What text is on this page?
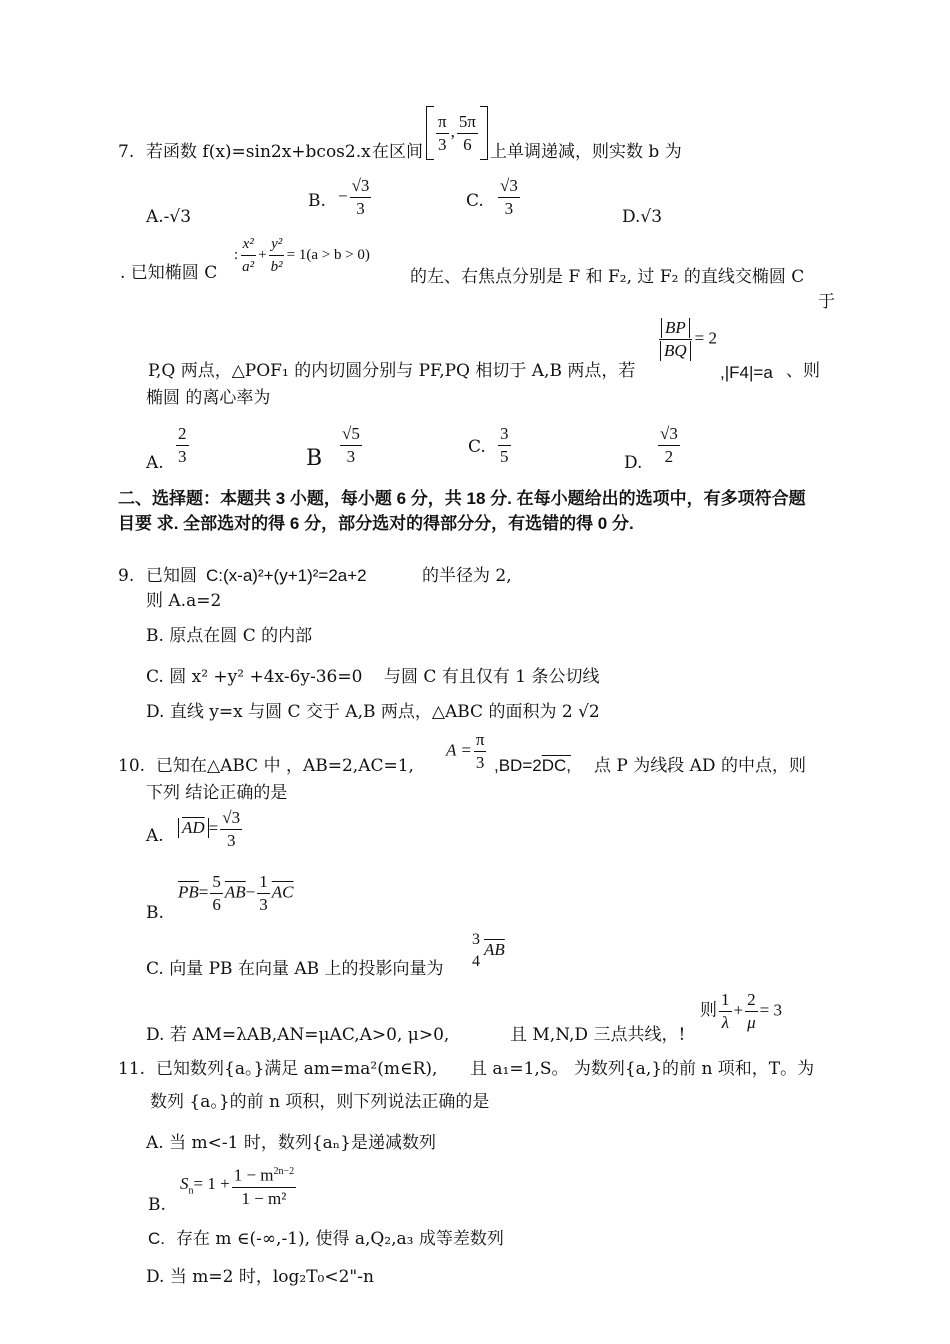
7. 若函数 f(x)=sin2x+bcos2.x 在区间 $\frac{\pi}{3}$ , $\frac{5\pi}{6}$ 上单调递减，则实数 b 为
A.-√3
B. − $\frac{√3}{3}$	C. $\frac{√3}{3}$	D.√3
. 已知椭圆 C
: $\frac{\text{x²}}{\text{a²}} + \frac{\text{y²}}{\text{b²}} = 1(a > b > 0)$
的左、右焦点分别是 F 和 F₂, 过 F₂ 的直线交椭圆 C
于
P,Q 两点，△POF₁ 的内切圆分别与 PF,PQ 相切于 A,B 两点，若
$\frac{BP}{BQ} = 2$
,|F4|=a 、则
椭圆 的离心率为
A. $\frac{2}{3}$	B $\frac{√5}{3}$	C. $\frac{3}{5}$	D. $\frac{√3}{2}$
二、选择题：本题共 3 小题，每小题 6 分，共 18 分. 在每小题给出的选项中，有多项符合题
目要 求. 全部选对的得 6 分，部分选对的得部分分，有选错的得 0 分.
9. 已知圆 C:(x-a)²+(y+1)²=2a+2	的半径为 2,
则 A.a=2
B. 原点在圆 C 的内部
C. 圆 x² +y² +4x-6y-36=0 与圆 C 有且仅有 1 条公切线
D. 直线 y=x 与圆 C 交于 A,B 两点，△ABC 的面积为 2 √2
10. 已知在△ABC 中 ，AB=2,AC=1,
$A = \frac{\pi}{3} ,BD=2DC$, 点 P 为线段 AD 的中点，则
下列 结论正确的是
A. $\overline{AD} = \frac{√3}{3}$
B.
$\overline{PB}= \frac{5}{6} \overline{AB}- \frac{1}{3} \overline{AC}$
C. 向量 PB 在向量 AB 上的投影向量为
3
4
$\overline{AB}$
D. 若 AM=λAB,AN=μAC,A>0, μ>0,	且 M,N,D 三点共线，!
则 $\frac{1}{\lambda} + \frac{2}{\mu} = 3$
11. 已知数列{a。}满足 am=ma²(m∈R), 且 a₁=1,S。 为数列{a,}的前 n 项和，T。为
数列 {a。}的前 n 项积，则下列说法正确的是
A. 当 m<-1 时，数列{aₙ}是递减数列
B.
$S_n= 1 + \frac{1 - m^{2n-2}}{\text{1 − m²}}$
C. 存在 m ∈(-∞,-1), 使得 a,Q₂,a₃ 成等差数列
D. 当 m=2 时，log₂T₀<2"-n
